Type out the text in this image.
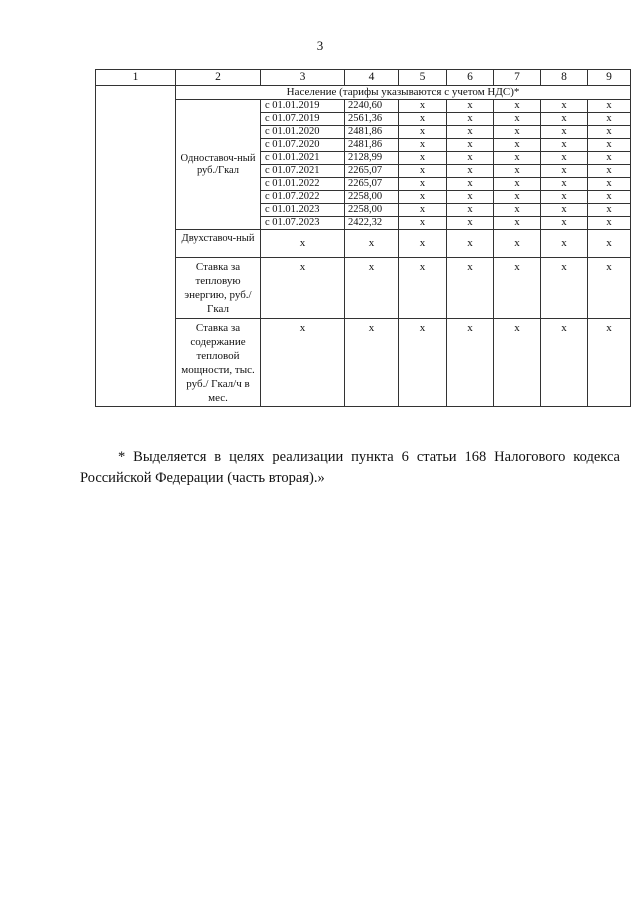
3
1	2	3	4	5	6	7	8	9
	Население (тарифы указываются с учетом НДС)*							
	Одноставоч-ный руб./Гкал	с 01.01.2019	2240,60	x	x	x	x	x
		с 01.07.2019	2561,36	x	x	x	x	x
		с 01.01.2020	2481,86	x	x	x	x	x
		с 01.07.2020	2481,86	x	x	x	x	x
		с 01.01.2021	2128,99	x	x	x	x	x
		с 01.07.2021	2265,07	x	x	x	x	x
		с 01.01.2022	2265,07	x	x	x	x	x
		с 01.07.2022	2258,00	x	x	x	x	x
		с 01.01.2023	2258,00	x	x	x	x	x
		с 01.07.2023	2422,32	x	x	x	x	x
	Двухставоч-ный	x	x	x	x	x	x	x
	Ставка за тепловую энергию, руб./Гкал	x	x	x	x	x	x	x
	Ставка за содержание тепловой мощности, тыс. руб./ Гкал/ч в мес.	x	x	x	x	x	x	x

* Выделяется в целях реализации пункта 6 статьи 168 Налогового кодекса Российской Федерации (часть вторая).»
